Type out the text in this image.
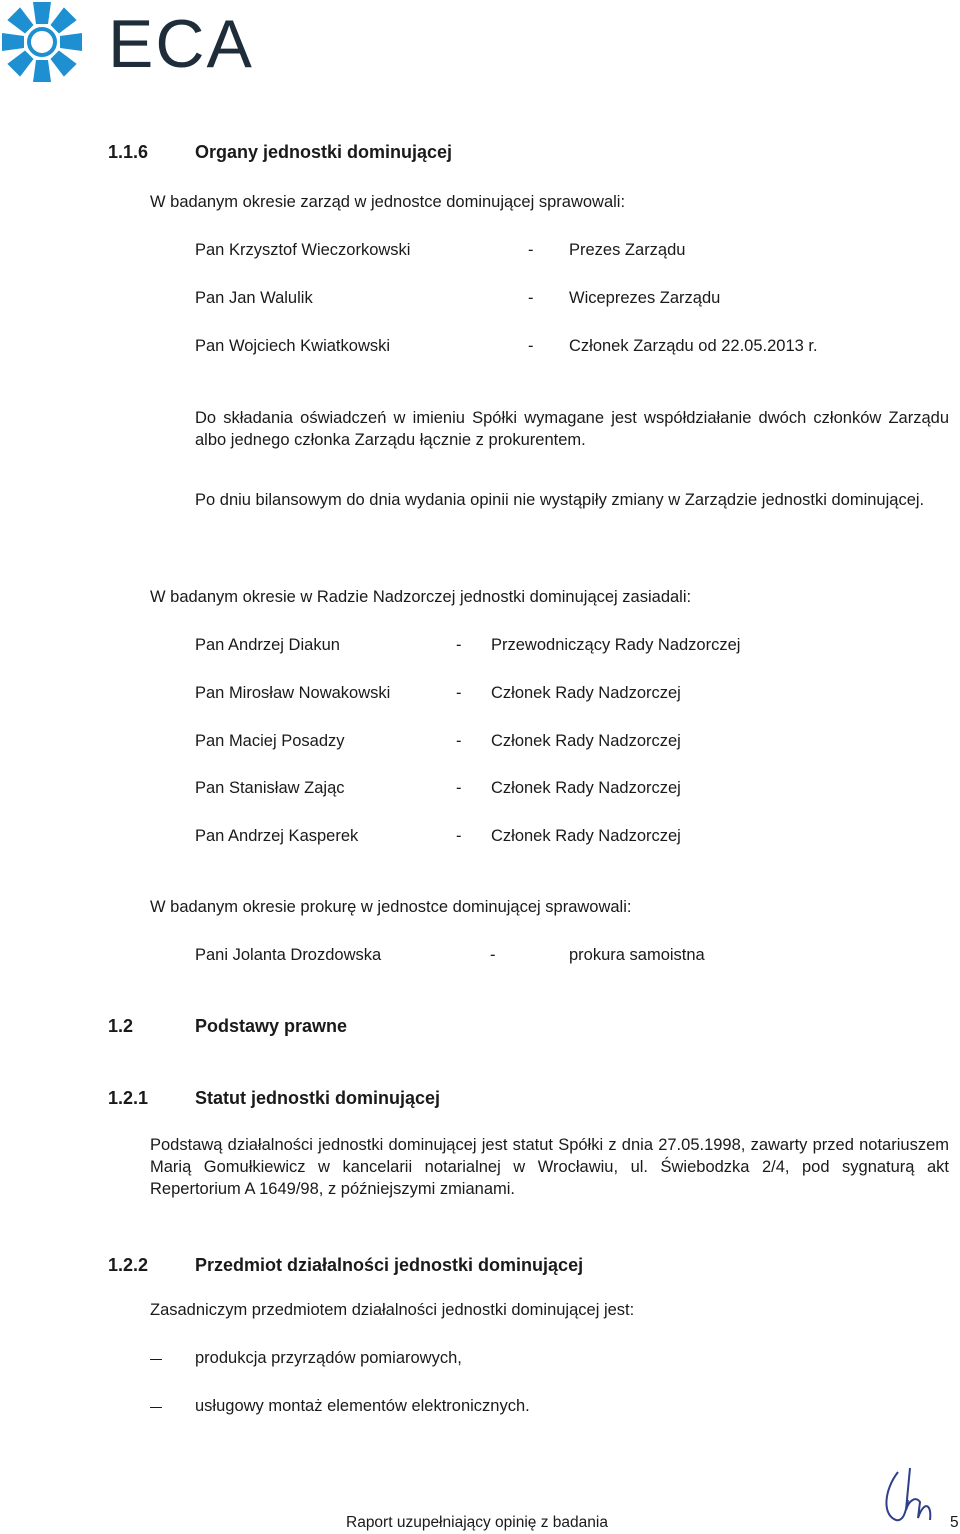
ECA
1.1.6	Organy jednostki dominującej
W badanym okresie zarząd w jednostce dominującej sprawowali:
Pan Krzysztof Wieczorkowski	- Prezes Zarządu
Pan Jan Walulik	- Wiceprezes Zarządu
Pan Wojciech Kwiatkowski	- Członek Zarządu od 22.05.2013 r.
Do składania oświadczeń w imieniu Spółki wymagane jest współdziałanie dwóch członków Zarządu albo jednego członka Zarządu łącznie z prokurentem.
Po dniu bilansowym do dnia wydania opinii nie wystąpiły zmiany w Zarządzie jednostki dominującej.
W badanym okresie w Radzie Nadzorczej jednostki dominującej zasiadali:
Pan Andrzej Diakun	- Przewodniczący Rady Nadzorczej
Pan Mirosław Nowakowski	- Członek Rady Nadzorczej
Pan Maciej Posadzy	- Członek Rady Nadzorczej
Pan Stanisław Zając	- Członek Rady Nadzorczej
Pan Andrzej Kasperek	- Członek Rady Nadzorczej
W badanym okresie prokurę w jednostce dominującej sprawowali:
Pani Jolanta Drozdowska	-	prokura samoistna
1.2	Podstawy prawne
1.2.1	Statut jednostki dominującej
Podstawą działalności jednostki dominującej jest statut Spółki z dnia 27.05.1998, zawarty przed notariuszem Marią Gomułkiewicz w kancelarii notarialnej w Wrocławiu, ul. Świebodzka 2/4, pod sygnaturą akt Repertorium A 1649/98, z późniejszymi zmianami.
1.2.2	Przedmiot działalności jednostki dominującej
Zasadniczym przedmiotem działalności jednostki dominującej jest:
produkcja przyrządów pomiarowych,
usługowy montaż elementów elektronicznych.
Raport uzupełniający opinię z badania	5
